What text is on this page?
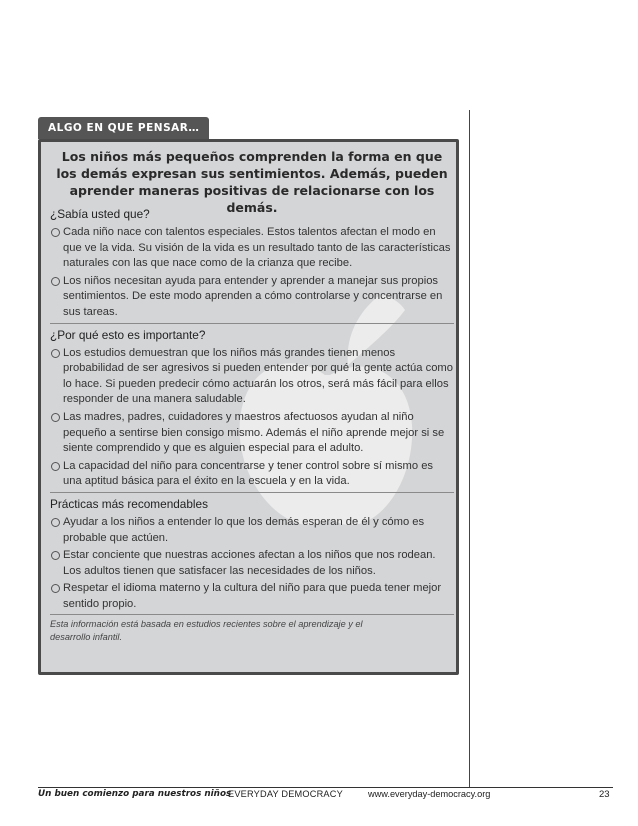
ALGO EN QUE PENSAR…
Los niños más pequeños comprenden la forma en que los demás expresan sus sentimientos. Además, pueden aprender maneras positivas de relacionarse con los demás.
¿Sabía usted que?
Cada niño nace con talentos especiales. Estos talentos afectan el modo en que ve la vida. Su visión de la vida es un resultado tanto de las características naturales con las que nace como de la crianza que recibe.
Los niños necesitan ayuda para entender y aprender a manejar sus propios sentimientos. De este modo aprenden a cómo controlarse y concentrarse en sus tareas.
¿Por qué esto es importante?
Los estudios demuestran que los niños más grandes tienen menos probabilidad de ser agresivos si pueden entender por qué la gente actúa como lo hace. Si pueden predecir cómo actuarán los otros, será más fácil para ellos responder de una manera saludable.
Las madres, padres, cuidadores y maestros afectuosos ayudan al niño pequeño a sentirse bien consigo mismo. Además el niño aprende mejor si se siente comprendido y que es alguien especial para el adulto.
La capacidad del niño para concentrarse y tener control sobre sí mismo es una aptitud básica para el éxito en la escuela y en la vida.
Prácticas más recomendables
Ayudar a los niños a entender lo que los demás esperan de él y cómo es probable que actúen.
Estar conciente que nuestras acciones afectan a los niños que nos rodean. Los adultos tienen que satisfacer las necesidades de los niños.
Respetar el idioma materno y la cultura del niño para que pueda tener mejor sentido propio.
Esta información está basada en estudios recientes sobre el aprendizaje y el desarrollo infantil.
Un buen comienzo para nuestros niños
EVERYDAY DEMOCRACY	www.everyday-democracy.org	23
